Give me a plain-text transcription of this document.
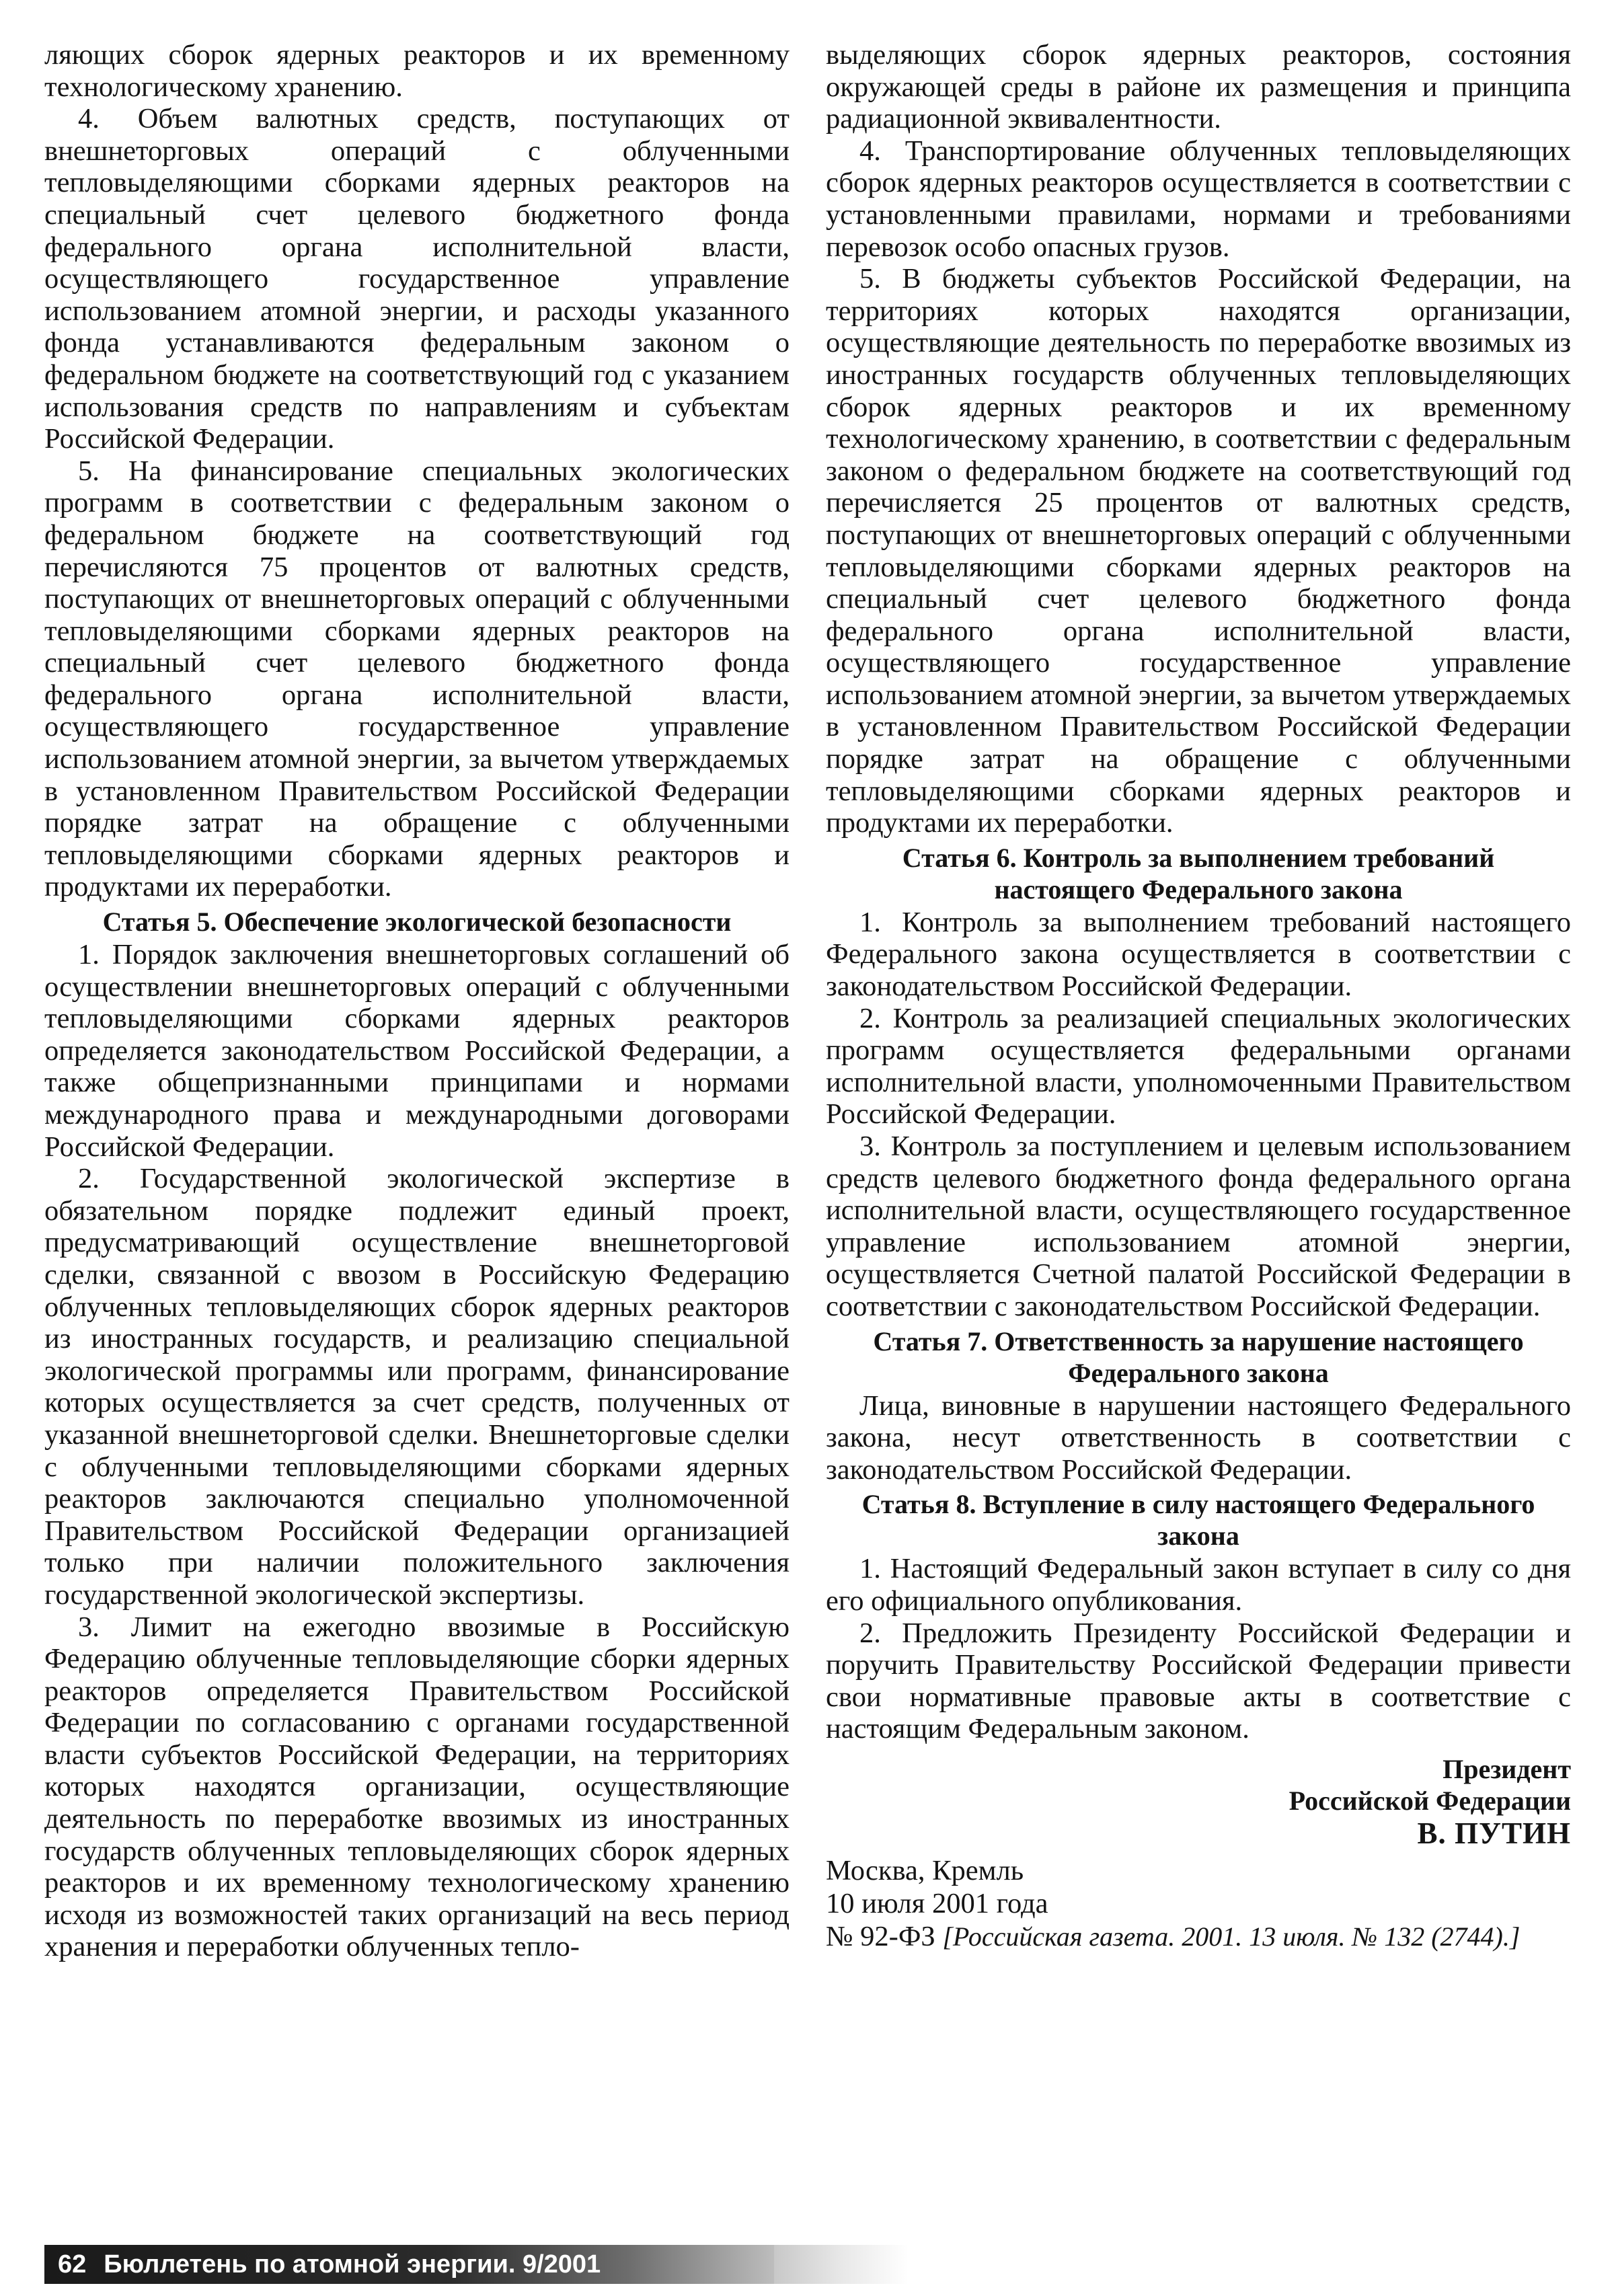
ляющих сборок ядерных реакторов и их временному технологическому хранению.

4. Объем валютных средств, поступающих от внешнеторговых операций с облученными тепловыделяющими сборками ядерных реакторов на специальный счет целевого бюджетного фонда федерального органа исполнительной власти, осуществляющего государственное управление использованием атомной энергии, и расходы указанного фонда устанавливаются федеральным законом о федеральном бюджете на соответствующий год с указанием использования средств по направлениям и субъектам Российской Федерации.

5. На финансирование специальных экологических программ в соответствии с федеральным законом о федеральном бюджете на соответствующий год перечисляются 75 процентов от валютных средств, поступающих от внешнеторговых операций с облученными тепловыделяющими сборками ядерных реакторов на специальный счет целевого бюджетного фонда федерального органа исполнительной власти, осуществляющего государственное управление использованием атомной энергии, за вычетом утверждаемых в установленном Правительством Российской Федерации порядке затрат на обращение с облученными тепловыделяющими сборками ядерных реакторов и продуктами их переработки.

Статья 5. Обеспечение экологической безопасности

1. Порядок заключения внешнеторговых соглашений об осуществлении внешнеторговых операций с облученными тепловыделяющими сборками ядерных реакторов определяется законодательством Российской Федерации, а также общепризнанными принципами и нормами международного права и международными договорами Российской Федерации.

2. Государственной экологической экспертизе в обязательном порядке подлежит единый проект, предусматривающий осуществление внешнеторговой сделки, связанной с ввозом в Российскую Федерацию облученных тепловыделяющих сборок ядерных реакторов из иностранных государств, и реализацию специальной экологической программы или программ, финансирование которых осуществляется за счет средств, полученных от указанной внешнеторговой сделки. Внешнеторговые сделки с облученными тепловыделяющими сборками ядерных реакторов заключаются специально уполномоченной Правительством Российской Федерации организацией только при наличии положительного заключения государственной экологической экспертизы.

3. Лимит на ежегодно ввозимые в Российскую Федерацию облученные тепловыделяющие сборки ядерных реакторов определяется Правительством Российской Федерации по согласованию с органами государственной власти субъектов Российской Федерации, на территориях которых находятся организации, осуществляющие деятельность по переработке ввозимых из иностранных государств облученных тепловыделяющих сборок ядерных реакторов и их временному технологическому хранению исходя из возможностей таких организаций на весь период хранения и переработки облученных тепло-

выделяющих сборок ядерных реакторов, состояния окружающей среды в районе их размещения и принципа радиационной эквивалентности.

4. Транспортирование облученных тепловыделяющих сборок ядерных реакторов осуществляется в соответствии с установленными правилами, нормами и требованиями перевозок особо опасных грузов.

5. В бюджеты субъектов Российской Федерации, на территориях которых находятся организации, осуществляющие деятельность по переработке ввозимых из иностранных государств облученных тепловыделяющих сборок ядерных реакторов и их временному технологическому хранению, в соответствии с федеральным законом о федеральном бюджете на соответствующий год перечисляется 25 процентов от валютных средств, поступающих от внешнеторговых операций с облученными тепловыделяющими сборками ядерных реакторов на специальный счет целевого бюджетного фонда федерального органа исполнительной власти, осуществляющего государственное управление использованием атомной энергии, за вычетом утверждаемых в установленном Правительством Российской Федерации порядке затрат на обращение с облученными тепловыделяющими сборками ядерных реакторов и продуктами их переработки.

Статья 6. Контроль за выполнением требований настоящего Федерального закона

1. Контроль за выполнением требований настоящего Федерального закона осуществляется в соответствии с законодательством Российской Федерации.

2. Контроль за реализацией специальных экологических программ осуществляется федеральными органами исполнительной власти, уполномоченными Правительством Российской Федерации.

3. Контроль за поступлением и целевым использованием средств целевого бюджетного фонда федерального органа исполнительной власти, осуществляющего государственное управление использованием атомной энергии, осуществляется Счетной палатой Российской Федерации в соответствии с законодательством Российской Федерации.

Статья 7. Ответственность за нарушение настоящего Федерального закона

Лица, виновные в нарушении настоящего Федерального закона, несут ответственность в соответствии с законодательством Российской Федерации.

Статья 8. Вступление в силу настоящего Федерального закона

1. Настоящий Федеральный закон вступает в силу со дня его официального опубликования.

2. Предложить Президенту Российской Федерации и поручить Правительству Российской Федерации привести свои нормативные правовые акты в соответствие с настоящим Федеральным законом.

Президент
Российской Федерации
В. ПУТИН
Москва, Кремль
10 июля 2001 года
№ 92-ФЗ [Российская газета. 2001. 13 июля. № 132 (2744).]
62 Бюллетень по атомной энергии. 9/2001
